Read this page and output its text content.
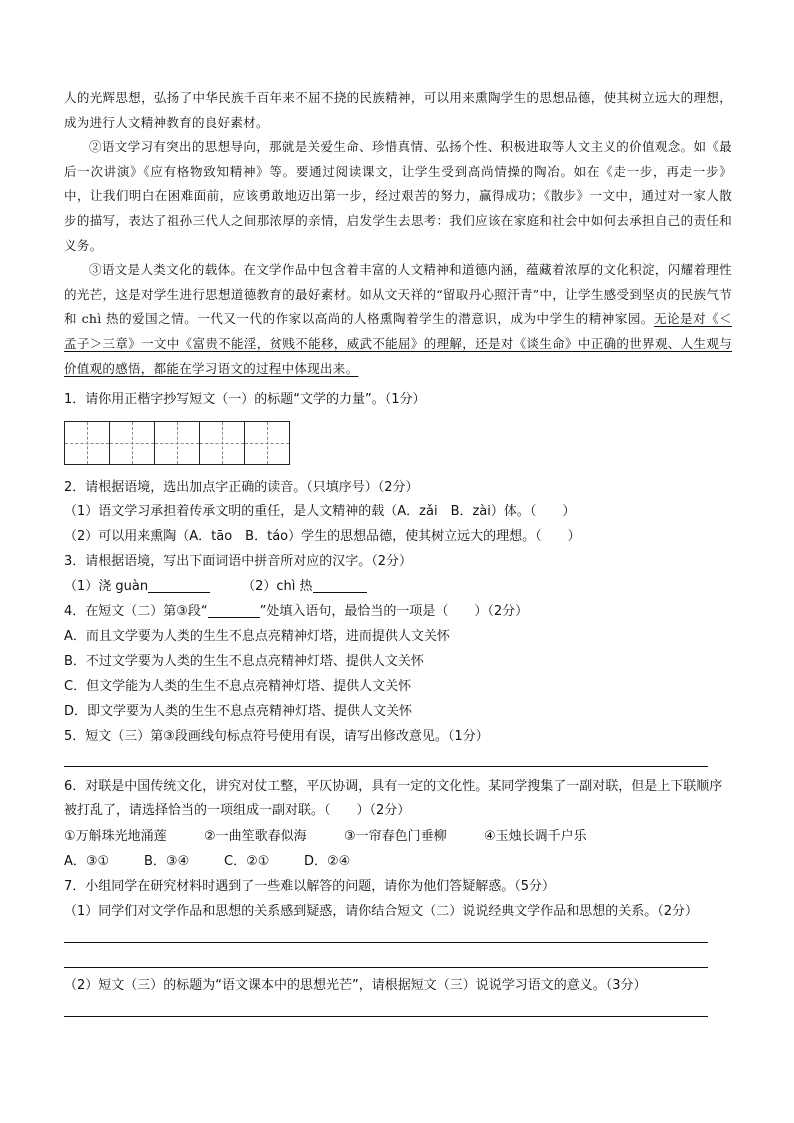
人的光辉思想，弘扬了中华民族千百年来不屈不挠的民族精神，可以用来熏陶学生的思想品德，使其树立远大的理想，成为进行人文精神教育的良好素材。

②语文学习有突出的思想导向，那就是关爱生命、珍惜真情、弘扬个性、积极进取等人文主义的价值观念。如《最后一次讲演》《应有格物致知精神》等。要通过阅读课文，让学生受到高尚情操的陶冶。如在《走一步，再走一步》中，让我们明白在困难面前，应该勇敢地迈出第一步，经过艰苦的努力，赢得成功；《散步》一文中，通过对一家人散步的描写，表达了祖孙三代人之间那浓厚的亲情，启发学生去思考：我们应该在家庭和社会中如何去承担自己的责任和义务。

③语文是人类文化的载体。在文学作品中包含着丰富的人文精神和道德内涵，蕴藏着浓厚的文化积淀，闪耀着理性的光芒，这是对学生进行思想道德教育的最好素材。如从文天祥的“留取丹心照汗青”中，让学生感受到坚贞的民族气节和 chì 热的爱国之情。一代又一代的作家以高尚的人格熏陶着学生的潜意识，成为中学生的精神家园。无论是对《＜孟子＞三章》一文中《富贵不能淫，贫贱不能移，威武不能屈》的理解，还是对《谈生命》中正确的世界观、人生观与价值观的感悟，都能在学习语文的过程中体现出来。

1．请你用正楷字抄写短文（一）的标题“文学的力量”。（1分）
2．请根据语境，选出加点字正确的读音。（只填序号）（2分）
（1）语文学习承担着传承文明的重任，是人文精神的载（A．zǎi　B．zài）体。（　　）
（2）可以用来熏陶（A．tāo　B．táo）学生的思想品德，使其树立远大的理想。（　　）
3．请根据语境，写出下面词语中拼音所对应的汉字。（2分）
（1）浇 guàn	（2）chì 热
4．在短文（二）第③段“	”处填入语句，最恰当的一项是（　　）（2分）
A．而且文学要为人类的生生不息点亮精神灯塔，进而提供人文关怀
B．不过文学要为人类的生生不息点亮精神灯塔、提供人文关怀
C．但文学能为人类的生生不息点亮精神灯塔、提供人文关怀
D．即文学要为人类的生生不息点亮精神灯塔、提供人文关怀
5．短文（三）第③段画线句标点符号使用有误，请写出修改意见。（1分）
6．对联是中国传统文化，讲究对仗工整，平仄协调，具有一定的文化性。某同学搜集了一副对联，但是上下联顺序被打乱了，请选择恰当的一项组成一副对联。（　　）（2分）
①万斛珠光地涌莲	②一曲笙歌春似海	③一帘春色门垂柳	④玉烛长调千户乐
A．③①	B．③④	C．②①	D．②④
7．小组同学在研究材料时遇到了一些难以解答的问题，请你为他们答疑解惑。（5分）
（1）同学们对文学作品和思想的关系感到疑惑，请你结合短文（二）说说经典文学作品和思想的关系。（2分）
（2）短文（三）的标题为“语文课本中的思想光芒”，请根据短文（三）说说学习语文的意义。（3分）
